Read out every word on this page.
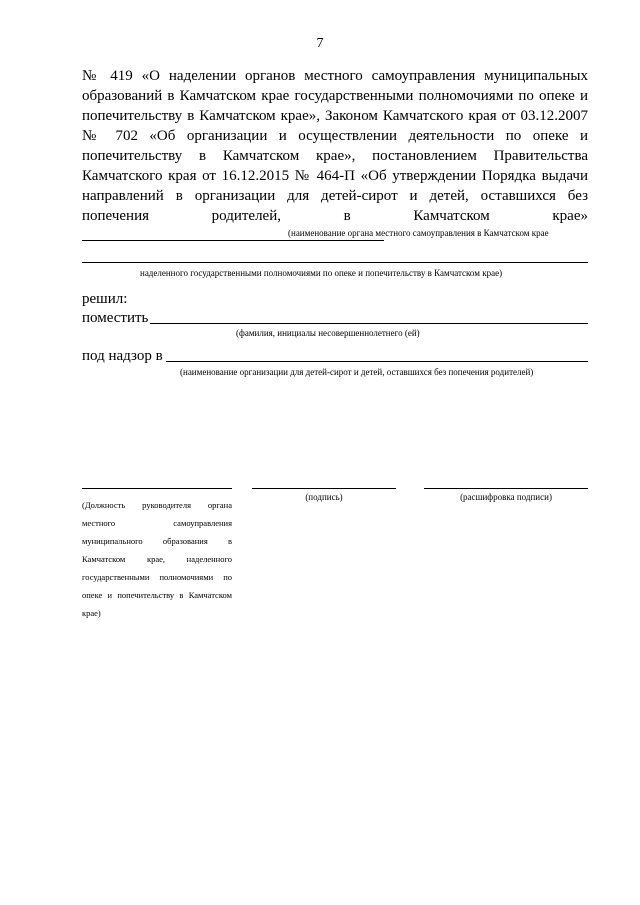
7

№ 419 «О наделении органов местного самоуправления муниципальных образований в Камчатском крае государственными полномочиями по опеке и попечительству в Камчатском крае», Законом Камчатского края от 03.12.2007 № 702 «Об организации и осуществлении деятельности по опеке и попечительству в Камчатском крае», постановлением Правительства Камчатского края от 16.12.2015 № 464-П «Об утверждении Порядка выдачи направлений в организации для детей-сирот и детей, оставшихся без попечения родителей, в Камчатском крае»

(наименование органа местного самоуправления в Камчатском крае
наделенного государственными полномочиями по опеке и попечительству в Камчатском крае)
решил:
поместить
(фамилия, инициалы несовершеннолетнего (ей)
под надзор в
(наименование организации для детей-сирот и детей, оставшихся без попечения родителей)
(подпись)	(расшифровка подписи)
(Должность руководителя органа местного самоуправления муниципального образования в Камчатском крае, наделенного государственными полномочиями по опеке и попечительству в Камчатском крае)
